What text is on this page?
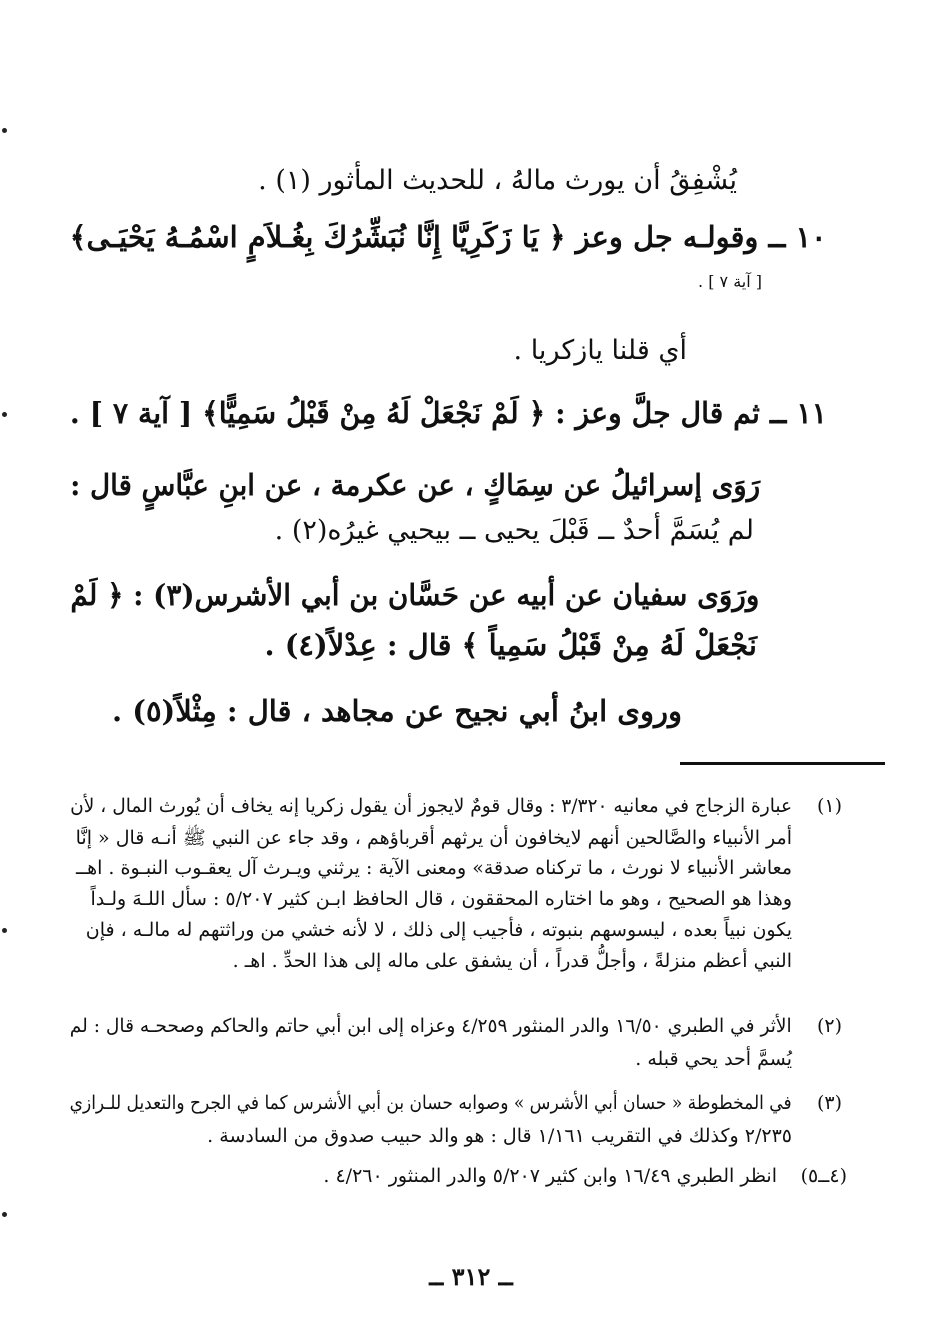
يُشْفِقُ أن يورث مالهُ ، للحديث المأثور (١) .
١٠ ــ وقولـه جل وعز ﴿ يَا زَكَرِيَّا إِنَّا نُبَشِّرُكَ بِغُـلاَمٍ اسْمُـهُ يَحْيَـى﴾
[ آية ٧ ] .
أي قلنا يازكريا .
١١ ــ ثم قال جلَّ وعز : ﴿ لَمْ نَجْعَلْ لَهُ مِنْ قَبْلُ سَمِيًّا﴾ [ آية ٧ ] .
رَوَى إسرائيلُ عن سِمَاكٍ ، عن عكرمة ، عن ابنِ عبَّاسٍ قال :
لم يُسَمَّ أحدٌ ــ قَبْلَ يحيى ــ بيحيي غيرُه(٢) .
ورَوَى سفيان عن أبيه عن حَسَّان بن أبي الأشرس(٣) : ﴿ لَمْ
نَجْعَلْ لَهُ مِنْ قَبْلُ سَمِياً ﴾ قال : عِدْلاً(٤) .
وروى ابنُ أبي نجيح عن مجاهد ، قال : مِثْلاً(٥) .
(١)
عبارة الزجاج في معانيه ٣/٣٢٠ : وقال قومٌ لايجوز أن يقول زكريا إنه يخاف أن يُورث المال ، لأن
أمر الأنبياء والصَّالحين أنهم لايخافون أن يرثهم أقرباؤهم ، وقد جاء عن النبي ﷺ أنـه قال « إنَّا
معاشر الأنبياء لا نورث ، ما تركناه صدقة» ومعنى الآية : يرثني ويـرث آل يعقـوب النبـوة . اهــ
وهذا هو الصحيح ، وهو ما اختاره المحققون ، قال الحافظ ابـن كثير ٥/٢٠٧ : سأل اللـهَ ولـداً
يكون نبياً بعده ، ليسوسهم بنبوته ، فأجيب إلى ذلك ، لا لأنه خشي من وراثتهم له مالـه ، فإن
النبي أعظم منزلةً ، وأجلُّ قدراً ، أن يشفق على ماله إلى هذا الحدِّ . اهـ .
(٢)
الأثر في الطبري ١٦/٥٠ والدر المنثور ٤/٢٥٩ وعزاه إلى ابن أبي حاتم والحاكم وصححـه قال : لم
يُسمَّ أحد يحي قبله .
(٣)
في المخطوطة « حسان أبي الأشرس » وصوابه حسان بن أبي الأشرس كما في الجرح والتعديل للـرازي
٢/٢٣٥ وكذلك في التقريب ١/١٦١ قال : هو والد حبيب صدوق من السادسة .
(٤ــ٥)
انظر الطبري ١٦/٤٩ وابن كثير ٥/٢٠٧ والدر المنثور ٤/٢٦٠ .
ــ ٣١٢ ــ
